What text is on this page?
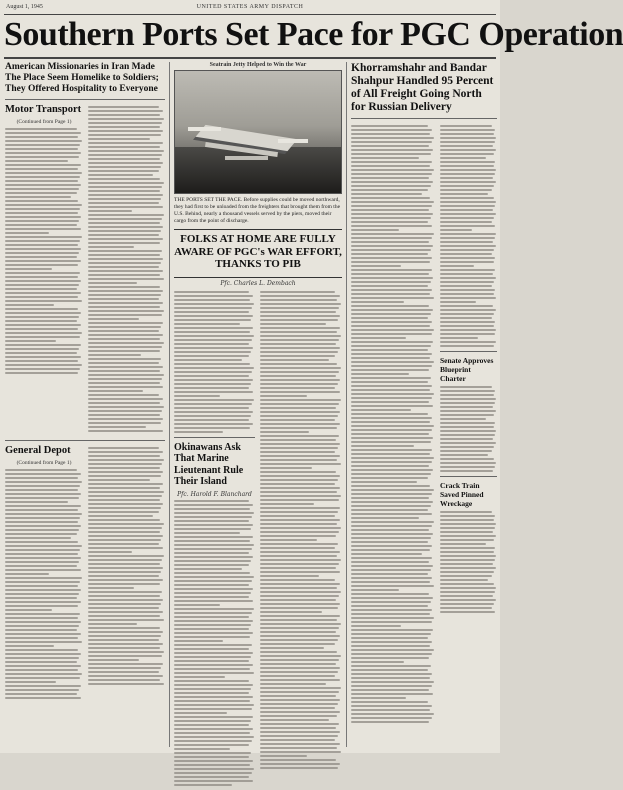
August 1, 1945	UNITED STATES ARMY DISPATCH
Southern Ports Set Pace for PGC Operation
American Missionaries in Iran Made The Place Seem Homelike to Soldiers; They Offered Hospitality to Everyone
Motor Transport
(Continued from Page 1)
General Depot
(Continued from Page 1)
Seatrain Jetty Helped to Win the War
THE PORTS SET THE PACE. Before supplies could be moved northward, they had first to be unloaded from the freighters that brought them from the U.S. Behind, nearly a thousand vessels served by the piers, moved their cargo from the point of discharge.
FOLKS AT HOME ARE FULLY AWARE OF PGC's WAR EFFORT, THANKS TO PIB
Pfc. Charles L. Dembach
Okinawans Ask That Marine Lieutenant Rule Their Island
Pfc. Harold F. Blanchard
Khorramshahr and Bandar Shahpur Handled 95 Percent of All Freight Going North for Russian Delivery
Senate Approves Blueprint Charter
Crack Train Saved Pinned Wreckage
